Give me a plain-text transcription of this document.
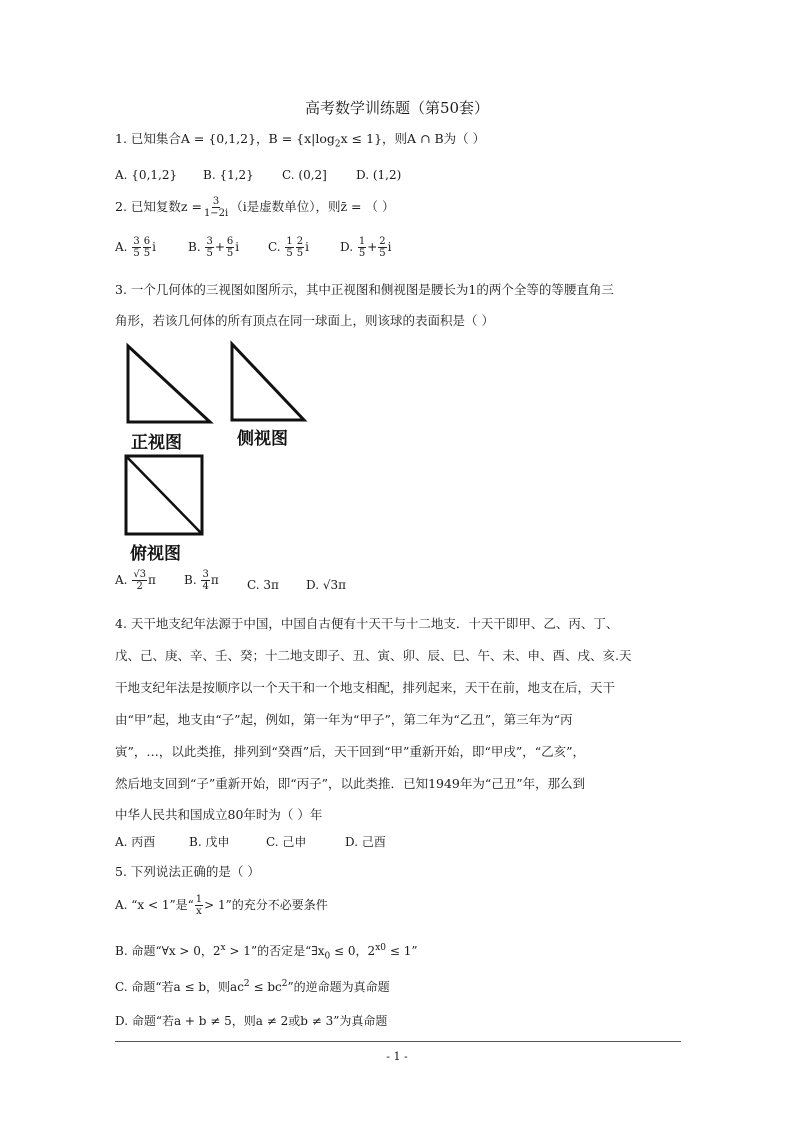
高考数学训练题（第50套）
1. 已知集合A = {0,1,2}，$B = \{x|\log_2x \le 1\}$，则A ∩ B为（ ）
A. {0,1,2} B. {1,2} C. (0,2] D. (1,2)
2. 已知复数$z = \frac{3}{1-2i} (i$是虚数单位），则z̄ = （ ）
A. $\frac{3}{5} \frac{6}{5}$ i	B. $\frac{3}{5} + \frac{6}{5}$ i C. $\frac{1}{5} \frac{2}{5}$ i	D. $\frac{1}{5} + \frac{2}{5}$ i
3. 一个几何体的三视图如图所示，其中正视图和侧视图是腰长为1的两个全等的等腰直角三
角形，若该几何体的所有顶点在同一球面上，则该球的表面积是（ ）
正视图	侧视图
俯视图
A. $\frac{√3}{2}$ π B. $\frac{3}{4}$ π C. 3π D. √3π
4. 天干地支纪年法源于中国，中国自古便有十天干与十二地支．十天干即甲、乙、丙、丁、
戊、己、庚、辛、壬、癸；十二地支即子、丑、寅、卯、辰、巳、午、未、申、酉、戌、亥.天
干地支纪年法是按顺序以一个天干和一个地支相配，排列起来，天干在前，地支在后，天干
由“甲”起，地支由“子”起，例如，第一年为“甲子”，第二年为“乙丑”，第三年为“丙
寅”，…，以此类推，排列到“癸酉”后，天干回到“甲”重新开始，即“甲戌”，“乙亥”，
然后地支回到“子”重新开始，即“丙子”，以此类推．已知1949年为“己丑”年，那么到
中华人民共和国成立80年时为（ ）年
A. 丙酉	B. 戊申	C. 己申	D. 己酉
5. 下列说法正确的是（ ）
A. “x < 1”是“ $\frac{1}{x} > 1$”的充分不必要条件
B. 命题“∀x > 0，$2^x > 1$”的否定是“$\exists x_0 \le 0$，$2^{x0} \le 1$”
C. 命题“若a ≤ b，则$ac^2 \le bc^2$”的逆命题为真命题
D. 命题“若a + b ≠ 5，则a ≠ 2或b ≠ 3”为真命题
- 1 -
